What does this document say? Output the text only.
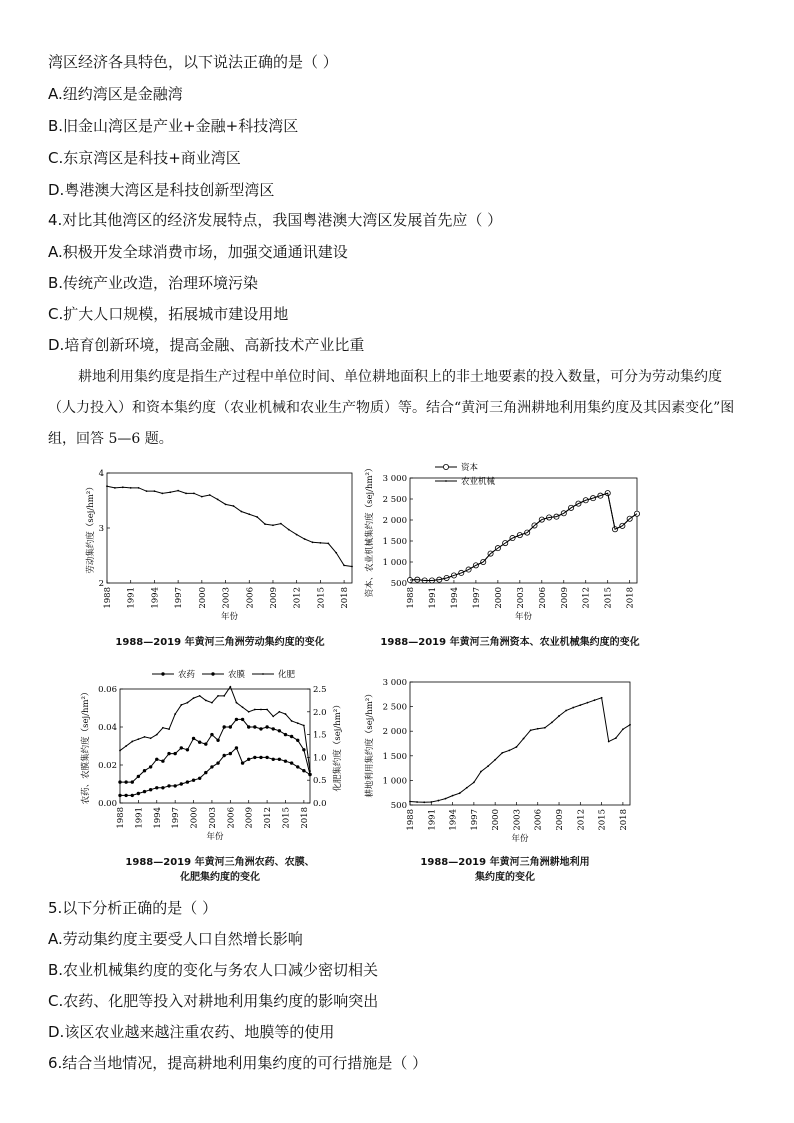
湾区经济各具特色，以下说法正确的是（ ）
A.纽约湾区是金融湾
B.旧金山湾区是产业+金融+科技湾区
C.东京湾区是科技+商业湾区
D.粤港澳大湾区是科技创新型湾区
4.对比其他湾区的经济发展特点，我国粤港澳大湾区发展首先应（ ）
A.积极开发全球消费市场，加强交通通讯建设
B.传统产业改造，治理环境污染
C.扩大人口规模，拓展城市建设用地
D.培育创新环境，提高金融、高新技术产业比重
耕地利用集约度是指生产过程中单位时间、单位耕地面积上的非土地要素的投入数量，可分为劳动集约度（人力投入）和资本集约度（农业机械和农业生产物质）等。结合“黄河三角洲耕地利用集约度及其因素变化”图组，回答 5—6 题。
2
3
4
1988 1991 1994 1997 2000 2003 2006 2009 2012 2015 2018
年份
劳动集约度（sej/hm²）
1988—2019 年黄河三角洲劳动集约度的变化
500
1 000
1 500
2 000
2 500
3 000
1988 1991 1994 1997 2000 2003 2006 2009 2012 2015 2018
年份
资本、农业机械集约度（sej/hm²）	资本
农业机械
1988—2019 年黄河三角洲资本、农业机械集约度的变化
0.00
0.02
0.04
0.06
0.0
0.5
1.0
1.5
2.0
2.5
1988 1991 1994 1997 2000 2003 2006 2009 2012 2015 2018
年份
农药、农膜集约度（sej/hm²）	化肥集约度（sej/hm²）
农药	农膜	化肥
1988—2019 年黄河三角洲农药、农膜、
化肥集约度的变化
500
1 000
1 500
2 000
2 500
3 000
1988 1991 1994 1997 2000 2003 2006 2009 2012 2015 2018
年份
耕地利用集约度（sej/hm²）
1988—2019 年黄河三角洲耕地利用
集约度的变化
5.以下分析正确的是（ ）
A.劳动集约度主要受人口自然增长影响
B.农业机械集约度的变化与务农人口减少密切相关
C.农药、化肥等投入对耕地利用集约度的影响突出
D.该区农业越来越注重农药、地膜等的使用
6.结合当地情况，提高耕地利用集约度的可行措施是（ ）
